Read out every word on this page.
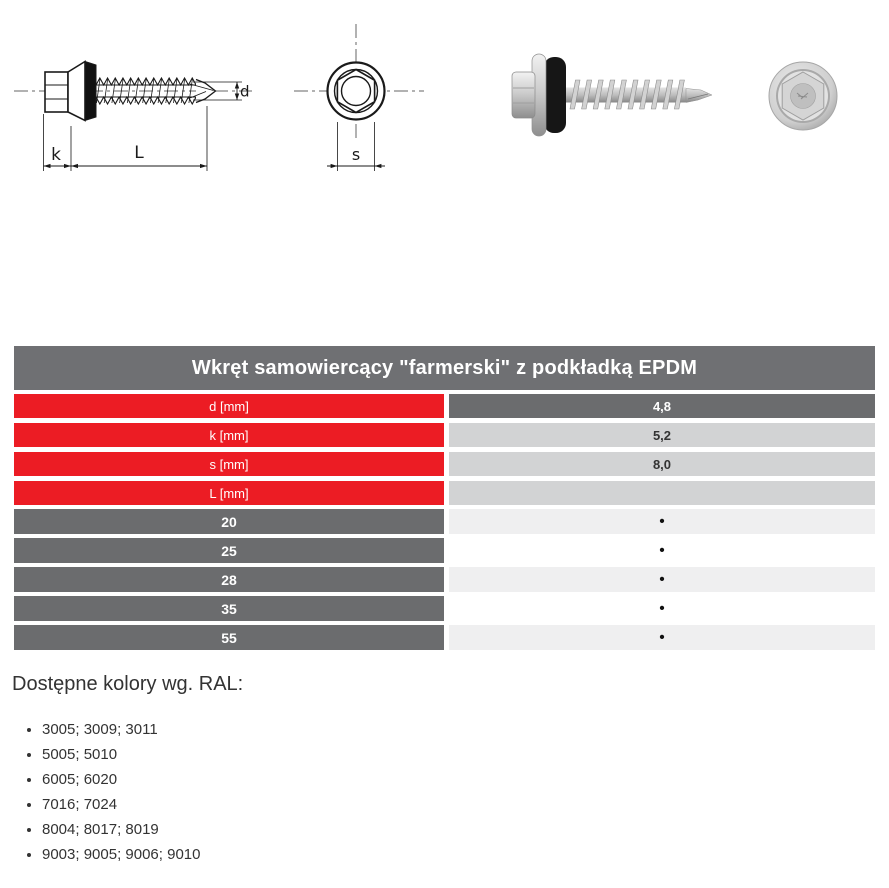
k	L
d
s
Wkręt samowiercący "farmerski" z podkładką EPDM
d [mm]	4,8
k [mm]	5,2
s [mm]	8,0
L [mm]
20	•
25	•
28	•
35	•
55	•
Dostępne kolory wg. RAL:
• 3005; 3009; 3011
• 5005; 5010
• 6005; 6020
• 7016; 7024
• 8004; 8017; 8019
• 9003; 9005; 9006; 9010
